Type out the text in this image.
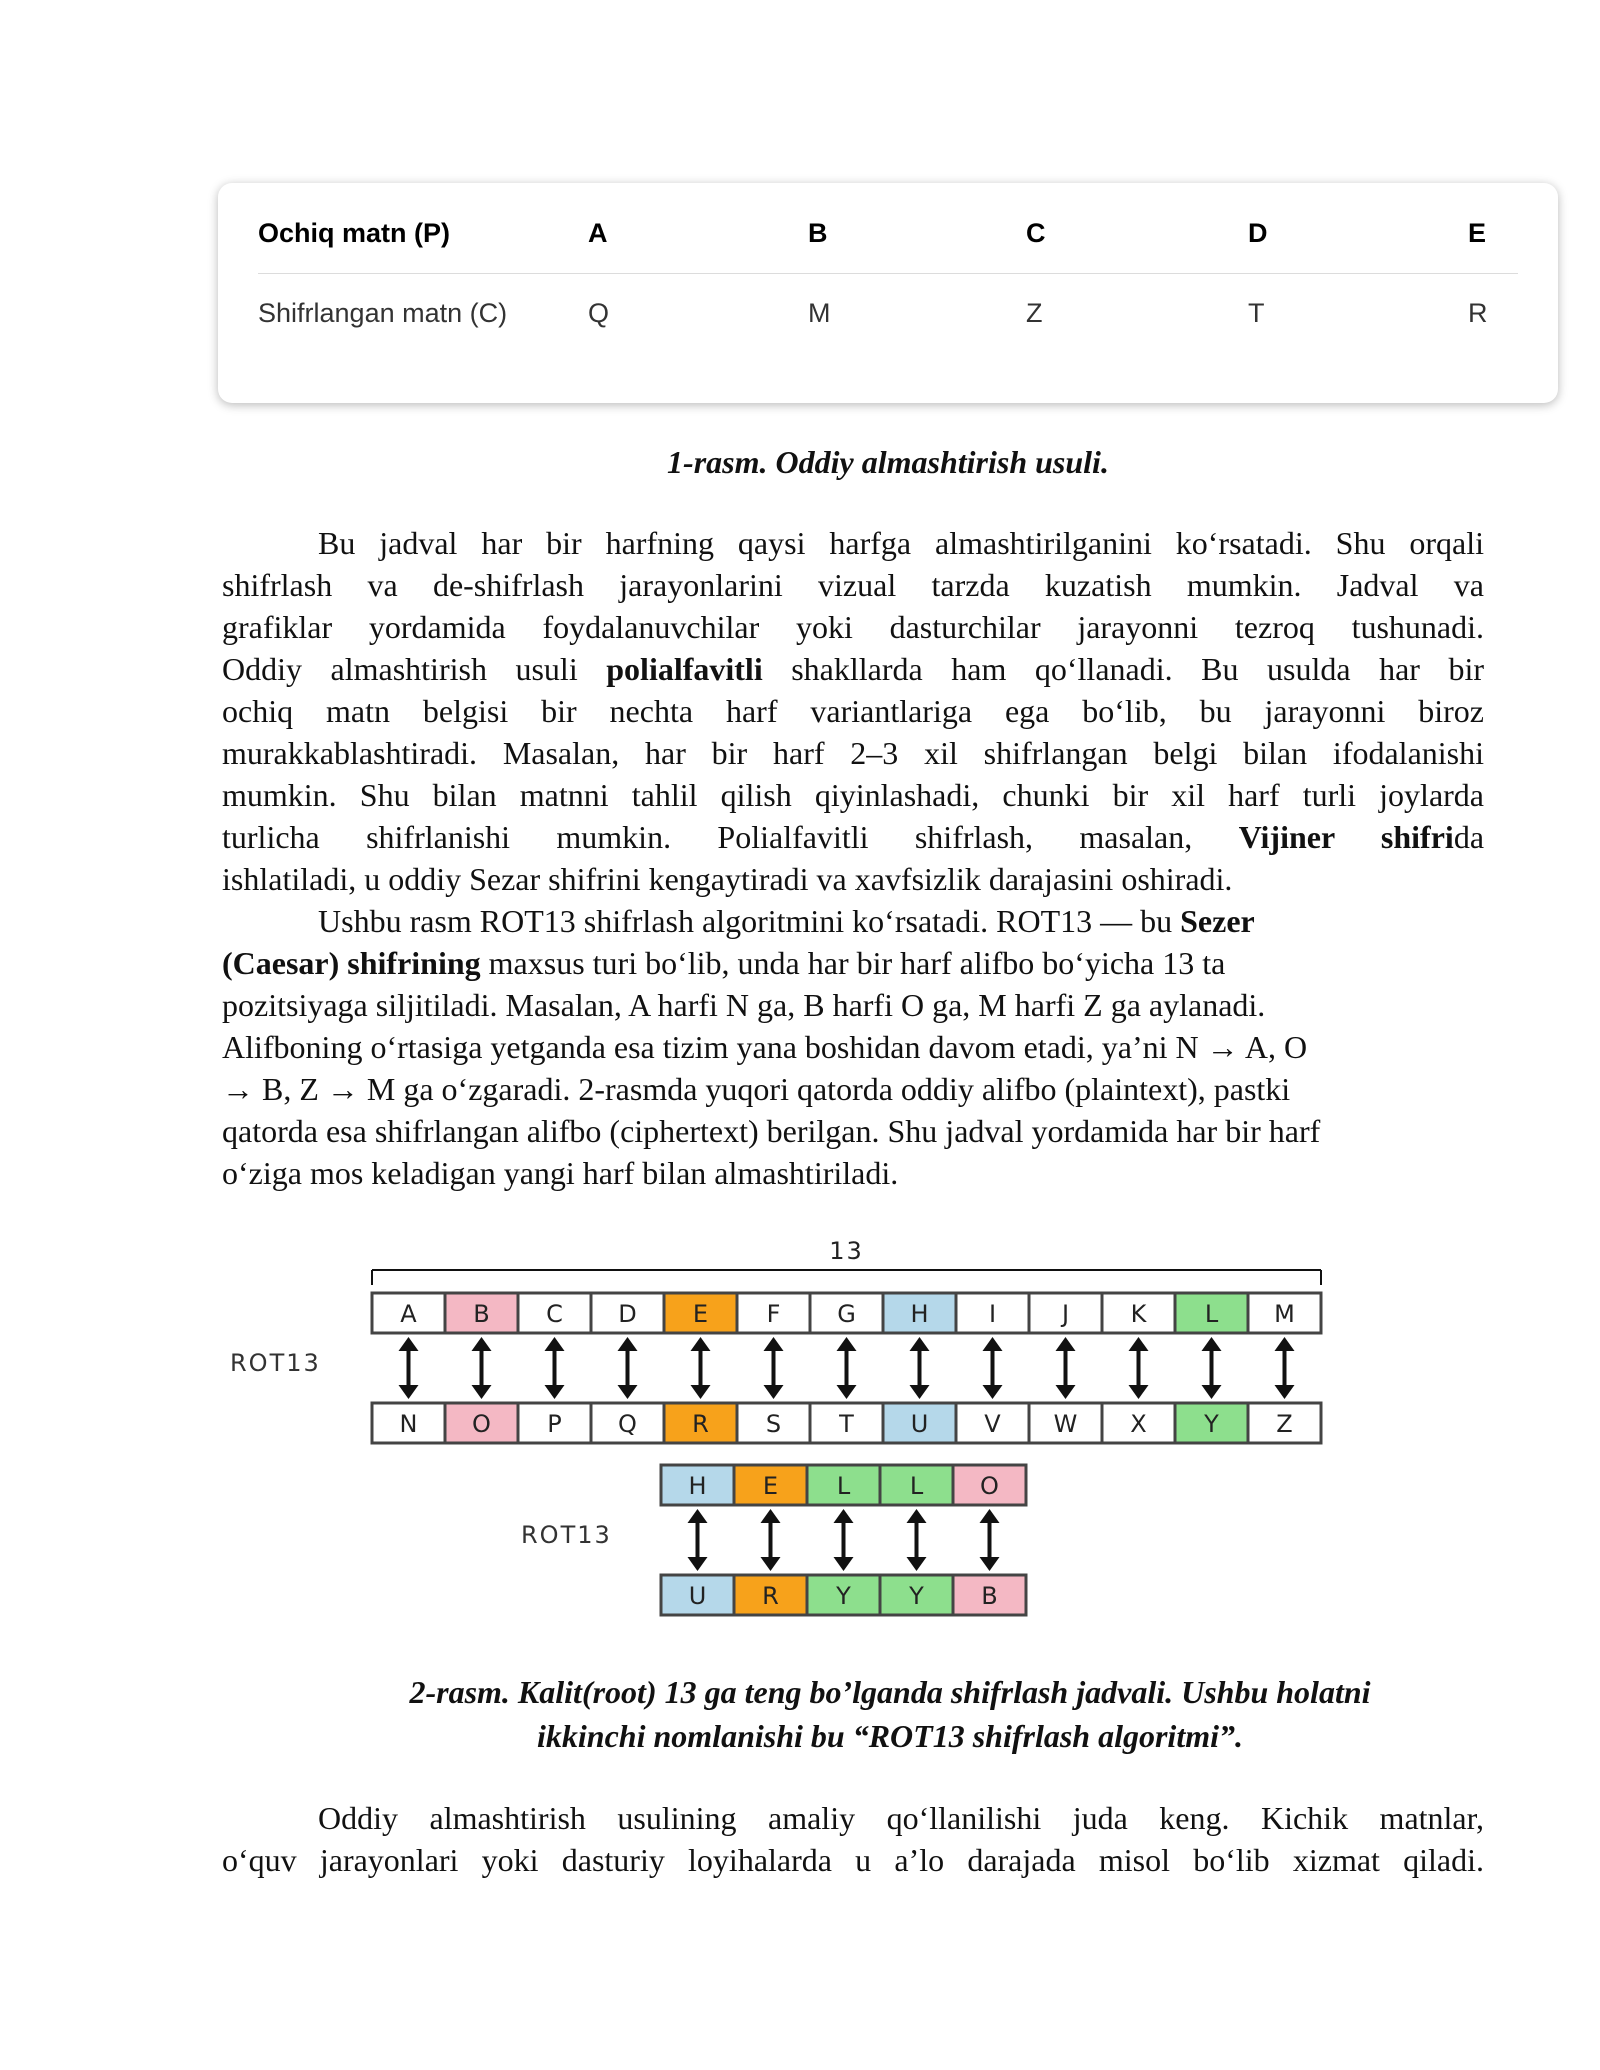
Ochiq matn (P)	A	B	C	D	E
Shifrlangan matn (C)	Q	M	Z	T	R
1-rasm. Oddiy almashtirish usuli.
Bu jadval har bir harfning qaysi harfga almashtirilganini koʻrsatadi. Shu orqali
shifrlash va de-shifrlash jarayonlarini vizual tarzda kuzatish mumkin. Jadval va
grafiklar yordamida foydalanuvchilar yoki dasturchilar jarayonni tezroq tushunadi.
Oddiy almashtirish usuli polialfavitli shakllarda ham qoʻllanadi. Bu usulda har bir
ochiq matn belgisi bir nechta harf variantlariga ega boʻlib, bu jarayonni biroz
murakkablashtiradi. Masalan, har bir harf 2–3 xil shifrlangan belgi bilan ifodalanishi
mumkin. Shu bilan matnni tahlil qilish qiyinlashadi, chunki bir xil harf turli joylarda
turlicha shifrlanishi mumkin. Polialfavitli shifrlash, masalan, Vijiner shifrida
ishlatiladi, u oddiy Sezar shifrini kengaytiradi va xavfsizlik darajasini oshiradi.
Ushbu rasm ROT13 shifrlash algoritmini koʻrsatadi. ROT13 — bu Sezer
(Caesar) shifrining maxsus turi boʻlib, unda har bir harf alifbo boʻyicha 13 ta
pozitsiyaga siljitiladi. Masalan, A harfi N ga, B harfi O ga, M harfi Z ga aylanadi.
Alifboning oʻrtasiga yetganda esa tizim yana boshidan davom etadi, ya’ni N → A, O
→ B, Z → M ga oʻzgaradi. 2-rasmda yuqori qatorda oddiy alifbo (plaintext), pastki
qatorda esa shifrlangan alifbo (ciphertext) berilgan. Shu jadval yordamida har bir harf
oʻziga mos keladigan yangi harf bilan almashtiriladi.
13
ROT13
A
N
B
O
C
P
D
Q
E
R
F
S
G
T
H
U
I
V
J
W
K
X
L
Y
M
Z
ROT13
H
U
E
R
L
Y
L
Y
O
B
2-rasm. Kalit(root) 13 ga teng bo’lganda shifrlash jadvali. Ushbu holatni
ikkinchi nomlanishi bu “ROT13 shifrlash algoritmi”.
Oddiy almashtirish usulining amaliy qoʻllanilishi juda keng. Kichik matnlar,
oʻquv jarayonlari yoki dasturiy loyihalarda u a’lo darajada misol boʻlib xizmat qiladi.
